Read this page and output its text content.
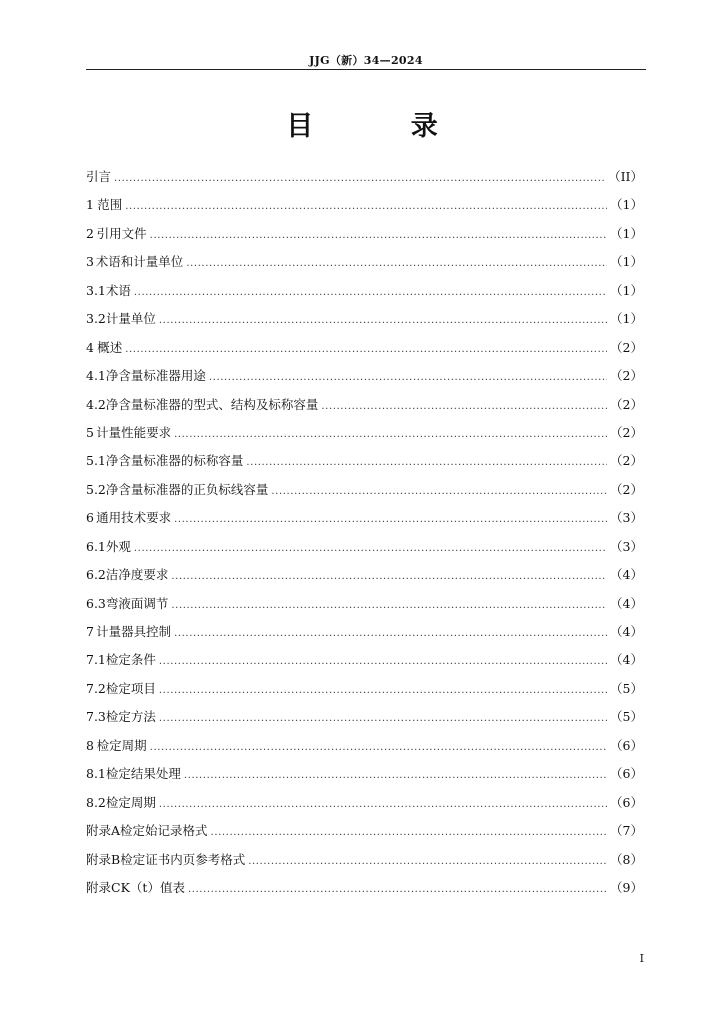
JJG（新）34—2024
目 录
引 言 .....	（II）
1 范围 .....	（1）
2 引用文件 .....	（1）
3 术语和计量单位 .....	（1）
3.1 术语 .....	（1）
3.2 计量单位 .....	（1）
4 概述 .....	（2）
4.1 净含量标准器用途 .....	（2）
4.2 净含量标准器的型式、结构及标称容量 .....	（2）
5 计量性能要求 .....	（2）
5.1 净含量标准器的标称容量 .....	（2）
5.2 净含量标准器的正负标线容量 .....	（2）
6 通用技术要求 .....	（3）
6.1 外观 .....	（3）
6.2 洁净度要求 .....	（4）
6.3 弯液面调节 .....	（4）
7 计量器具控制 .....	（4）
7.1 检定条件 .....	（4）
7.2 检定项目 .....	（5）
7.3 检定方法 .....	（5）
8 检定周期 .....	（6）
8.1 检定结果处理 .....	（6）
8.2 检定周期 .....	（6）
附录A 检定始记录格式 .....	（7）
附录B 检定证书内页参考格式 .....	（8）
附录C K（t）值表 .....	（9）
I
